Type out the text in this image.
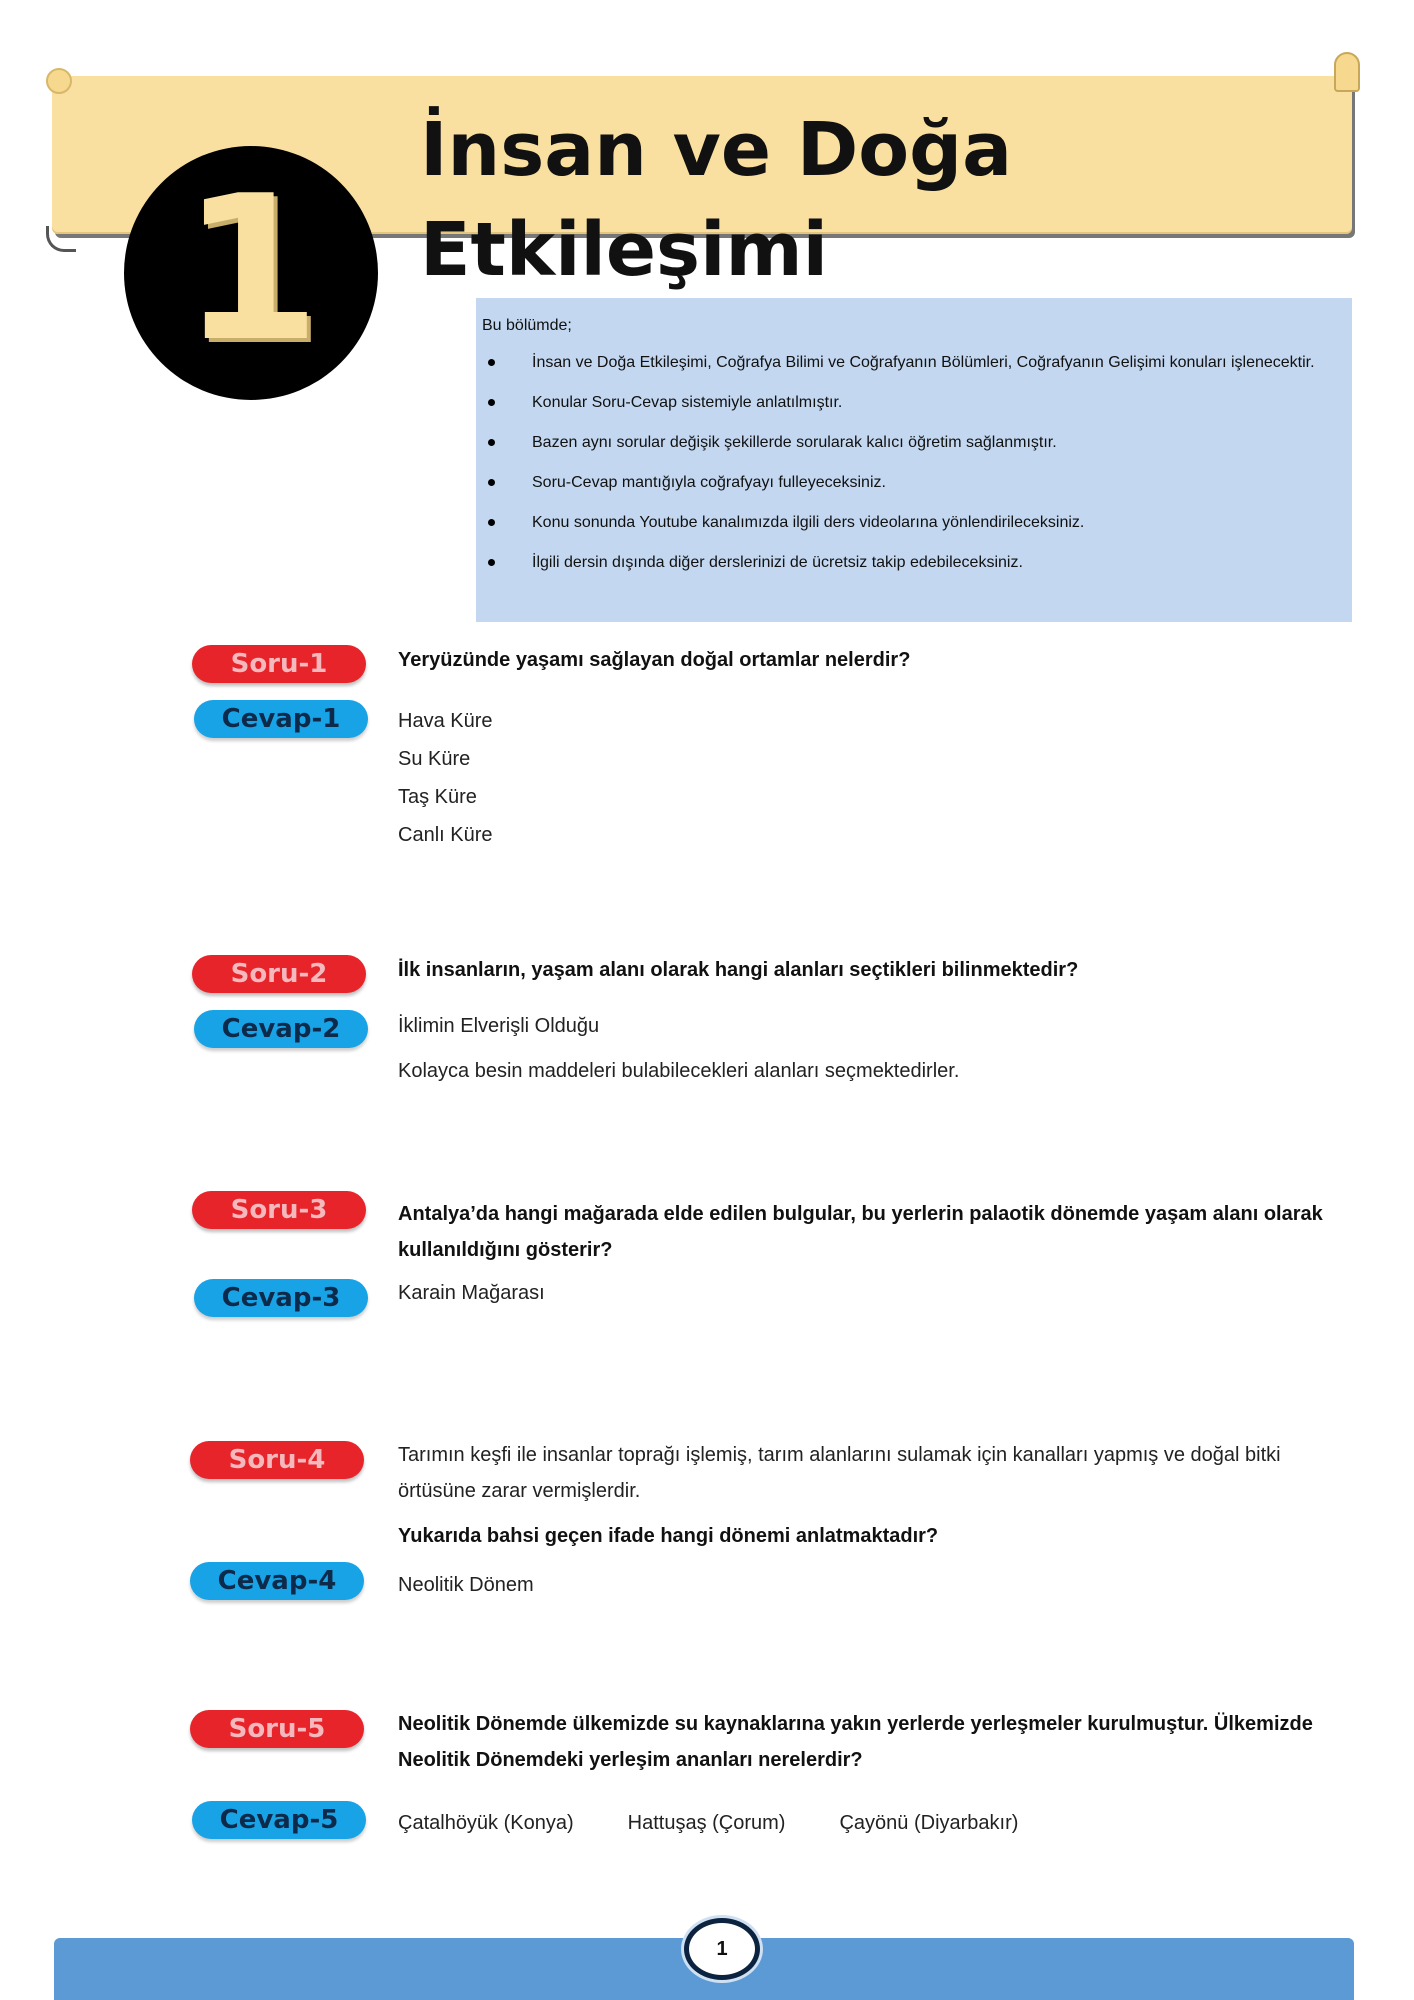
İnsan ve Doğa Etkileşimi
1	Bu bölümde;

İnsan ve Doğa Etkileşimi, Coğrafya Bilimi ve Coğrafyanın Bölümleri, Coğrafyanın Gelişimi konuları işlenecektir.
Konular Soru-Cevap sistemiyle anlatılmıştır.
Bazen aynı sorular değişik şekillerde sorularak kalıcı öğretim sağlanmıştır.
Soru-Cevap mantığıyla coğrafyayı fulleyeceksiniz.
Konu sonunda Youtube kanalımızda ilgili ders videolarına yönlendirileceksiniz.
İlgili dersin dışında diğer derslerinizi de ücretsiz takip edebileceksiniz.
Soru-1	Yeryüzünde yaşamı sağlayan doğal ortamlar nelerdir?

Cevap-1	Hava Küre

Su Küre

Taş Küre

Canlı Küre

Soru-2	İlk insanların, yaşam alanı olarak hangi alanları seçtikleri bilinmektedir?

Cevap-2	İklimin Elverişli Olduğu

Kolayca besin maddeleri bulabilecekleri alanları seçmektedirler.

Soru-3	Antalya’da hangi mağarada elde edilen bulgular, bu yerlerin palaotik dönemde yaşam alanı olarak kullanıldığını gösterir?

Cevap-3	Karain Mağarası

Soru-4	Tarımın keşfi ile insanlar toprağı işlemiş, tarım alanlarını sulamak için kanalları yapmış ve doğal bitki örtüsüne zarar vermişlerdir.

Yukarıda bahsi geçen ifade hangi dönemi anlatmaktadır?

Cevap-4	Neolitik Dönem

Soru-5	Neolitik Dönemde ülkemizde su kaynaklarına yakın yerlerde yerleşmeler kurulmuştur. Ülkemizde Neolitik Dönemdeki yerleşim ananları nerelerdir?

Cevap-5	Çatalhöyük (Konya)	Hattuşaş (Çorum)	Çayönü (Diyarbakır)
1
